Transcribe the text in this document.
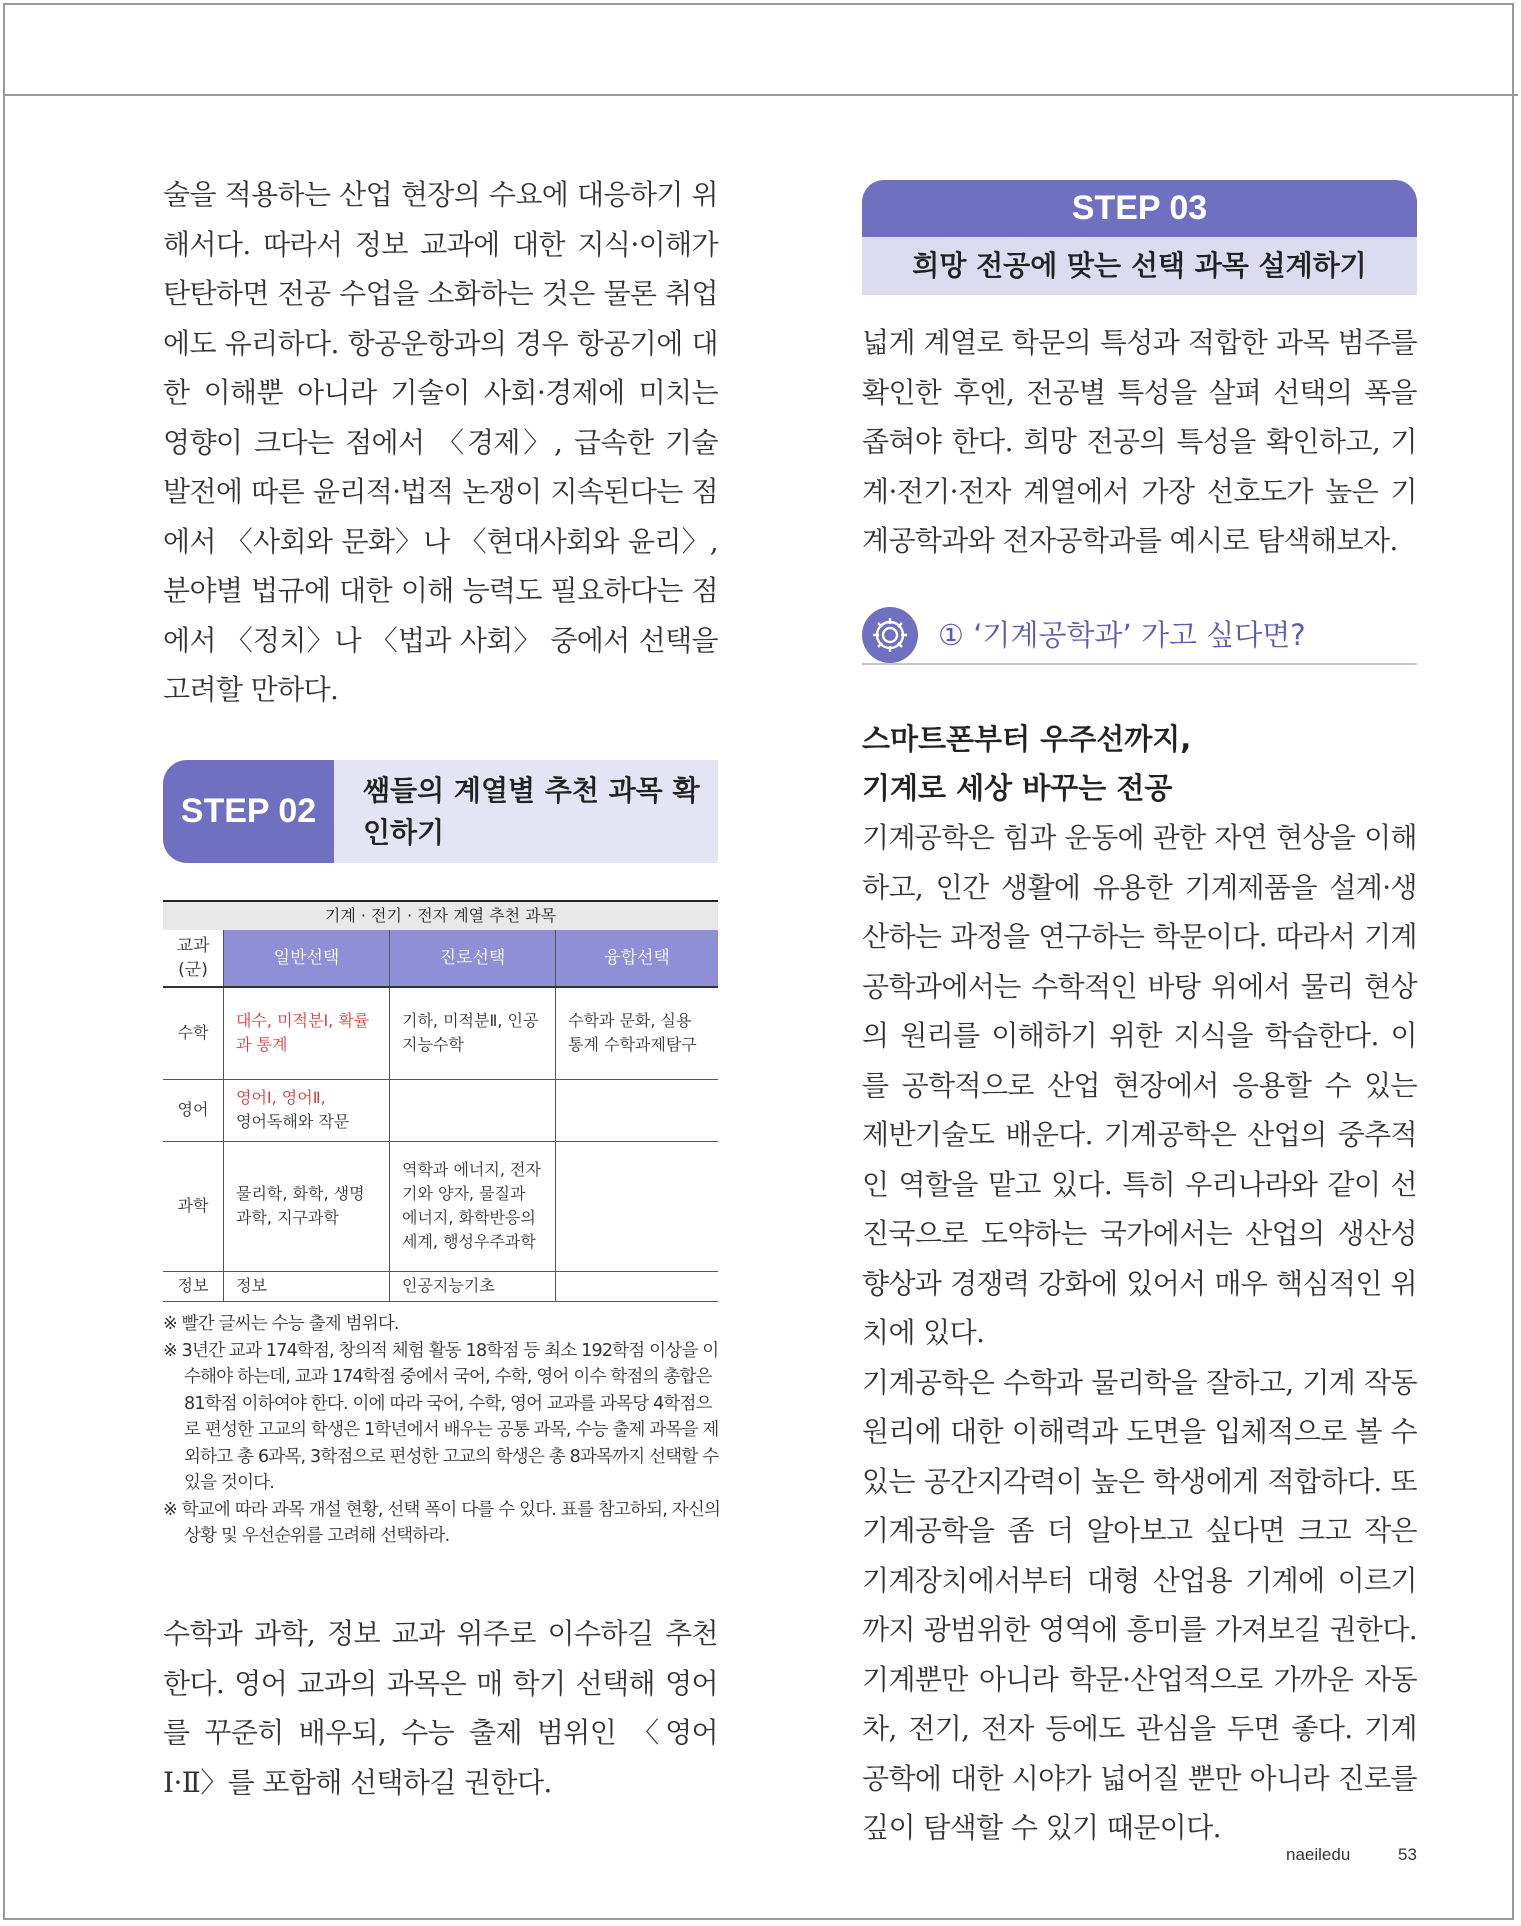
술을 적용하는 산업 현장의 수요에 대응하기 위해서다. 따라서 정보 교과에 대한 지식·이해가 탄탄하면 전공 수업을 소화하는 것은 물론 취업에도 유리하다. 항공운항과의 경우 항공기에 대한 이해뿐 아니라 기술이 사회·경제에 미치는 영향이 크다는 점에서 〈경제〉, 급속한 기술 발전에 따른 윤리적·법적 논쟁이 지속된다는 점에서 〈사회와 문화〉나 〈현대사회와 윤리〉, 분야별 법규에 대한 이해 능력도 필요하다는 점에서 〈정치〉나 〈법과 사회〉 중에서 선택을 고려할 만하다.

STEP 02
쌤들의 계열별 추천 과목 확인하기
기계 · 전기 · 전자 계열 추천 과목
교과 (군)	일반선택	진로선택	융합선택
수학	대수, 미적분Ⅰ, 확률과 통계	기하, 미적분Ⅱ, 인공지능수학	수학과 문화, 실용 통계 수학과제탐구
영어	영어Ⅰ, 영어Ⅱ,
영어독해와 작문		

과학	물리학, 화학, 생명과학, 지구과학	역학과 에너지, 전자기와 양자, 물질과 에너지, 화학반응의 세계, 행성우주과학	
정보	정보	인공지능기초	

※ 빨간 글씨는 수능 출제 범위다.

※ 3년간 교과 174학점, 창의적 체험 활동 18학점 등 최소 192학점 이상을 이수해야 하는데, 교과 174학점 중에서 국어, 수학, 영어 이수 학점의 총합은 81학점 이하여야 한다. 이에 따라 국어, 수학, 영어 교과를 과목당 4학점으로 편성한 고교의 학생은 1학년에서 배우는 공통 과목, 수능 출제 과목을 제외하고 총 6과목, 3학점으로 편성한 고교의 학생은 총 8과목까지 선택할 수 있을 것이다.

※ 학교에 따라 과목 개설 현황, 선택 폭이 다를 수 있다. 표를 참고하되, 자신의 상황 및 우선순위를 고려해 선택하라.

수학과 과학, 정보 교과 위주로 이수하길 추천한다. 영어 교과의 과목은 매 학기 선택해 영어를 꾸준히 배우되, 수능 출제 범위인 〈영어Ⅰ·Ⅱ〉를 포함해 선택하길 권한다.

STEP 03
희망 전공에 맞는 선택 과목 설계하기

넓게 계열로 학문의 특성과 적합한 과목 범주를 확인한 후엔, 전공별 특성을 살펴 선택의 폭을 좁혀야 한다. 희망 전공의 특성을 확인하고, 기계·전기·전자 계열에서 가장 선호도가 높은 기계공학과와 전자공학과를 예시로 탐색해보자.

① ‘기계공학과’ 가고 싶다면?

스마트폰부터 우주선까지,

기계로 세상 바꾸는 전공

기계공학은 힘과 운동에 관한 자연 현상을 이해하고, 인간 생활에 유용한 기계제품을 설계·생산하는 과정을 연구하는 학문이다. 따라서 기계공학과에서는 수학적인 바탕 위에서 물리 현상의 원리를 이해하기 위한 지식을 학습한다. 이를 공학적으로 산업 현장에서 응용할 수 있는 제반기술도 배운다. 기계공학은 산업의 중추적인 역할을 맡고 있다. 특히 우리나라와 같이 선진국으로 도약하는 국가에서는 산업의 생산성 향상과 경쟁력 강화에 있어서 매우 핵심적인 위치에 있다.

기계공학은 수학과 물리학을 잘하고, 기계 작동 원리에 대한 이해력과 도면을 입체적으로 볼 수 있는 공간지각력이 높은 학생에게 적합하다. 또 기계공학을 좀 더 알아보고 싶다면 크고 작은 기계장치에서부터 대형 산업용 기계에 이르기까지 광범위한 영역에 흥미를 가져보길 권한다. 기계뿐만 아니라 학문·산업적으로 가까운 자동차, 전기, 전자 등에도 관심을 두면 좋다. 기계공학에 대한 시야가 넓어질 뿐만 아니라 진로를 깊이 탐색할 수 있기 때문이다.

naeiledu	53
